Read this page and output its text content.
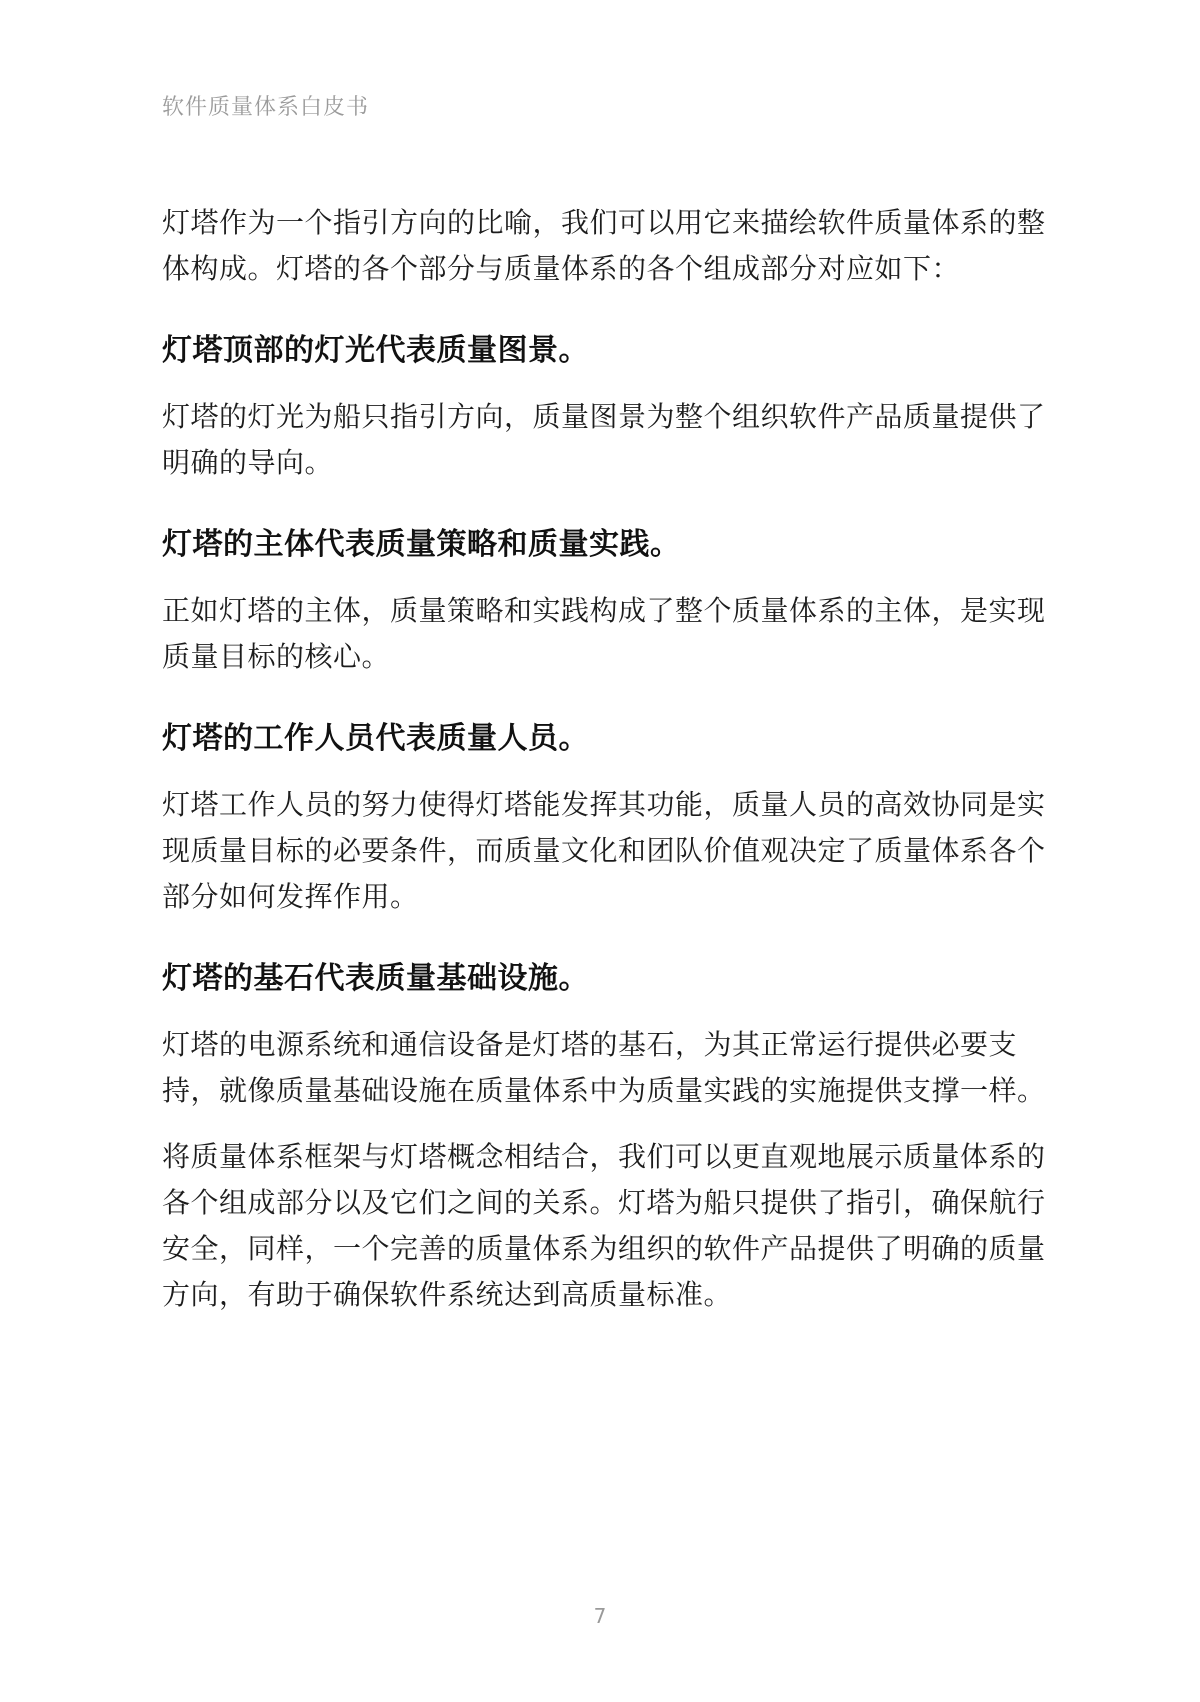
软件质量体系白皮书

灯塔作为一个指引方向的比喻，我们可以用它来描绘软件质量体系的整体构成。灯塔的各个部分与质量体系的各个组成部分对应如下：

灯塔顶部的灯光代表质量图景。

灯塔的灯光为船只指引方向，质量图景为整个组织软件产品质量提供了明确的导向。

灯塔的主体代表质量策略和质量实践。

正如灯塔的主体，质量策略和实践构成了整个质量体系的主体，是实现质量目标的核心。

灯塔的工作人员代表质量人员。

灯塔工作人员的努力使得灯塔能发挥其功能，质量人员的高效协同是实现质量目标的必要条件，而质量文化和团队价值观决定了质量体系各个部分如何发挥作用。

灯塔的基石代表质量基础设施。

灯塔的电源系统和通信设备是灯塔的基石，为其正常运行提供必要支持，就像质量基础设施在质量体系中为质量实践的实施提供支撑一样。

将质量体系框架与灯塔概念相结合，我们可以更直观地展示质量体系的各个组成部分以及它们之间的关系。灯塔为船只提供了指引，确保航行安全，同样，一个完善的质量体系为组织的软件产品提供了明确的质量方向，有助于确保软件系统达到高质量标准。

7
